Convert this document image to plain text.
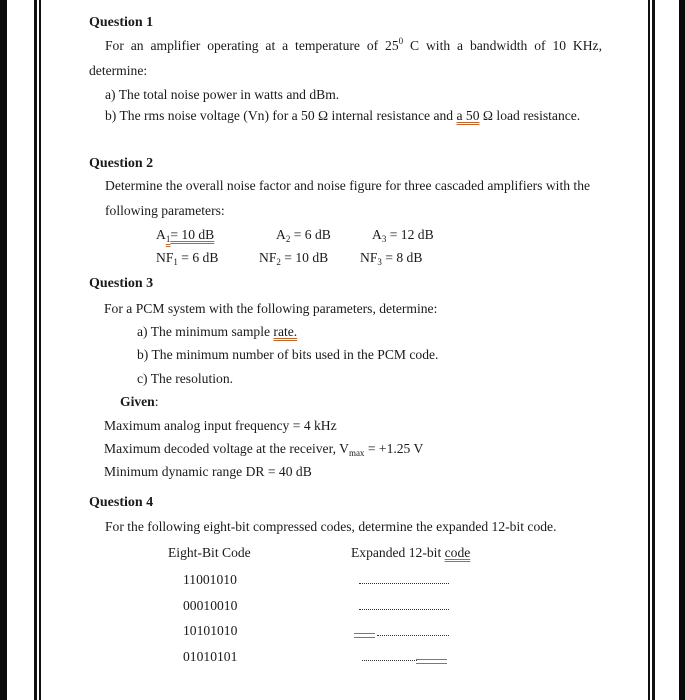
Question 1
For an amplifier operating at a temperature of $25^0$ C with a bandwidth of 10 KHz,
determine:
a) The total noise power in watts and dBm.
b) The rms noise voltage (Vn) for a 50 Ω internal resistance and a 50 Ω load resistance.
Question 2
Determine the overall noise factor and noise figure for three cascaded amplifiers with the
following parameters:
$A_1= 10$ dB	$A_2 = 6$ dB	$A_3 = 12$ dB
$NF_1 = 6$ dB	$NF_2 = 10$ dB $NF_3 = 8$ dB
Question 3
For a PCM system with the following parameters, determine:
a) The minimum sample rate.
b) The minimum number of bits used in the PCM code.
c) The resolution.
Given:
Maximum analog input frequency = 4 kHz
Maximum decoded voltage at the receiver, $V_{max} = +1.25$ V
Minimum dynamic range DR = 40 dB
Question 4
For the following eight-bit compressed codes, determine the expanded 12-bit code.
Eight-Bit Code	Expanded 12-bit code
11001010
00010010
10101010
01010101
